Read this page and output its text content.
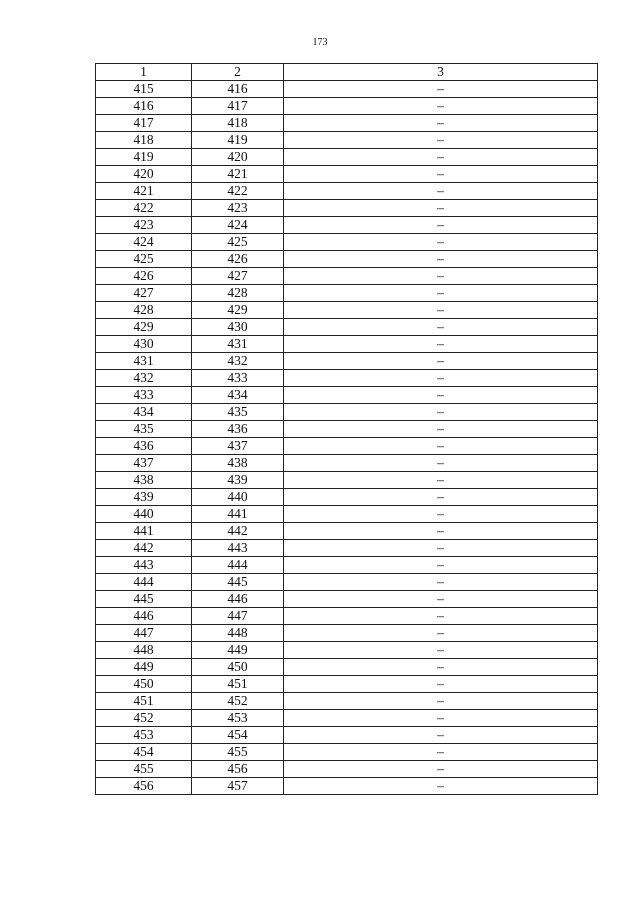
173
1	2	3
415	416	–
416	417	–
417	418	–
418	419	–
419	420	–
420	421	–
421	422	–
422	423	–
423	424	–
424	425	–
425	426	–
426	427	–
427	428	–
428	429	–
429	430	–
430	431	–
431	432	–
432	433	–
433	434	–
434	435	–
435	436	–
436	437	–
437	438	–
438	439	–
439	440	–
440	441	–
441	442	–
442	443	–
443	444	–
444	445	–
445	446	–
446	447	–
447	448	–
448	449	–
449	450	–
450	451	–
451	452	–
452	453	–
453	454	–
454	455	–
455	456	–
456	457	–
